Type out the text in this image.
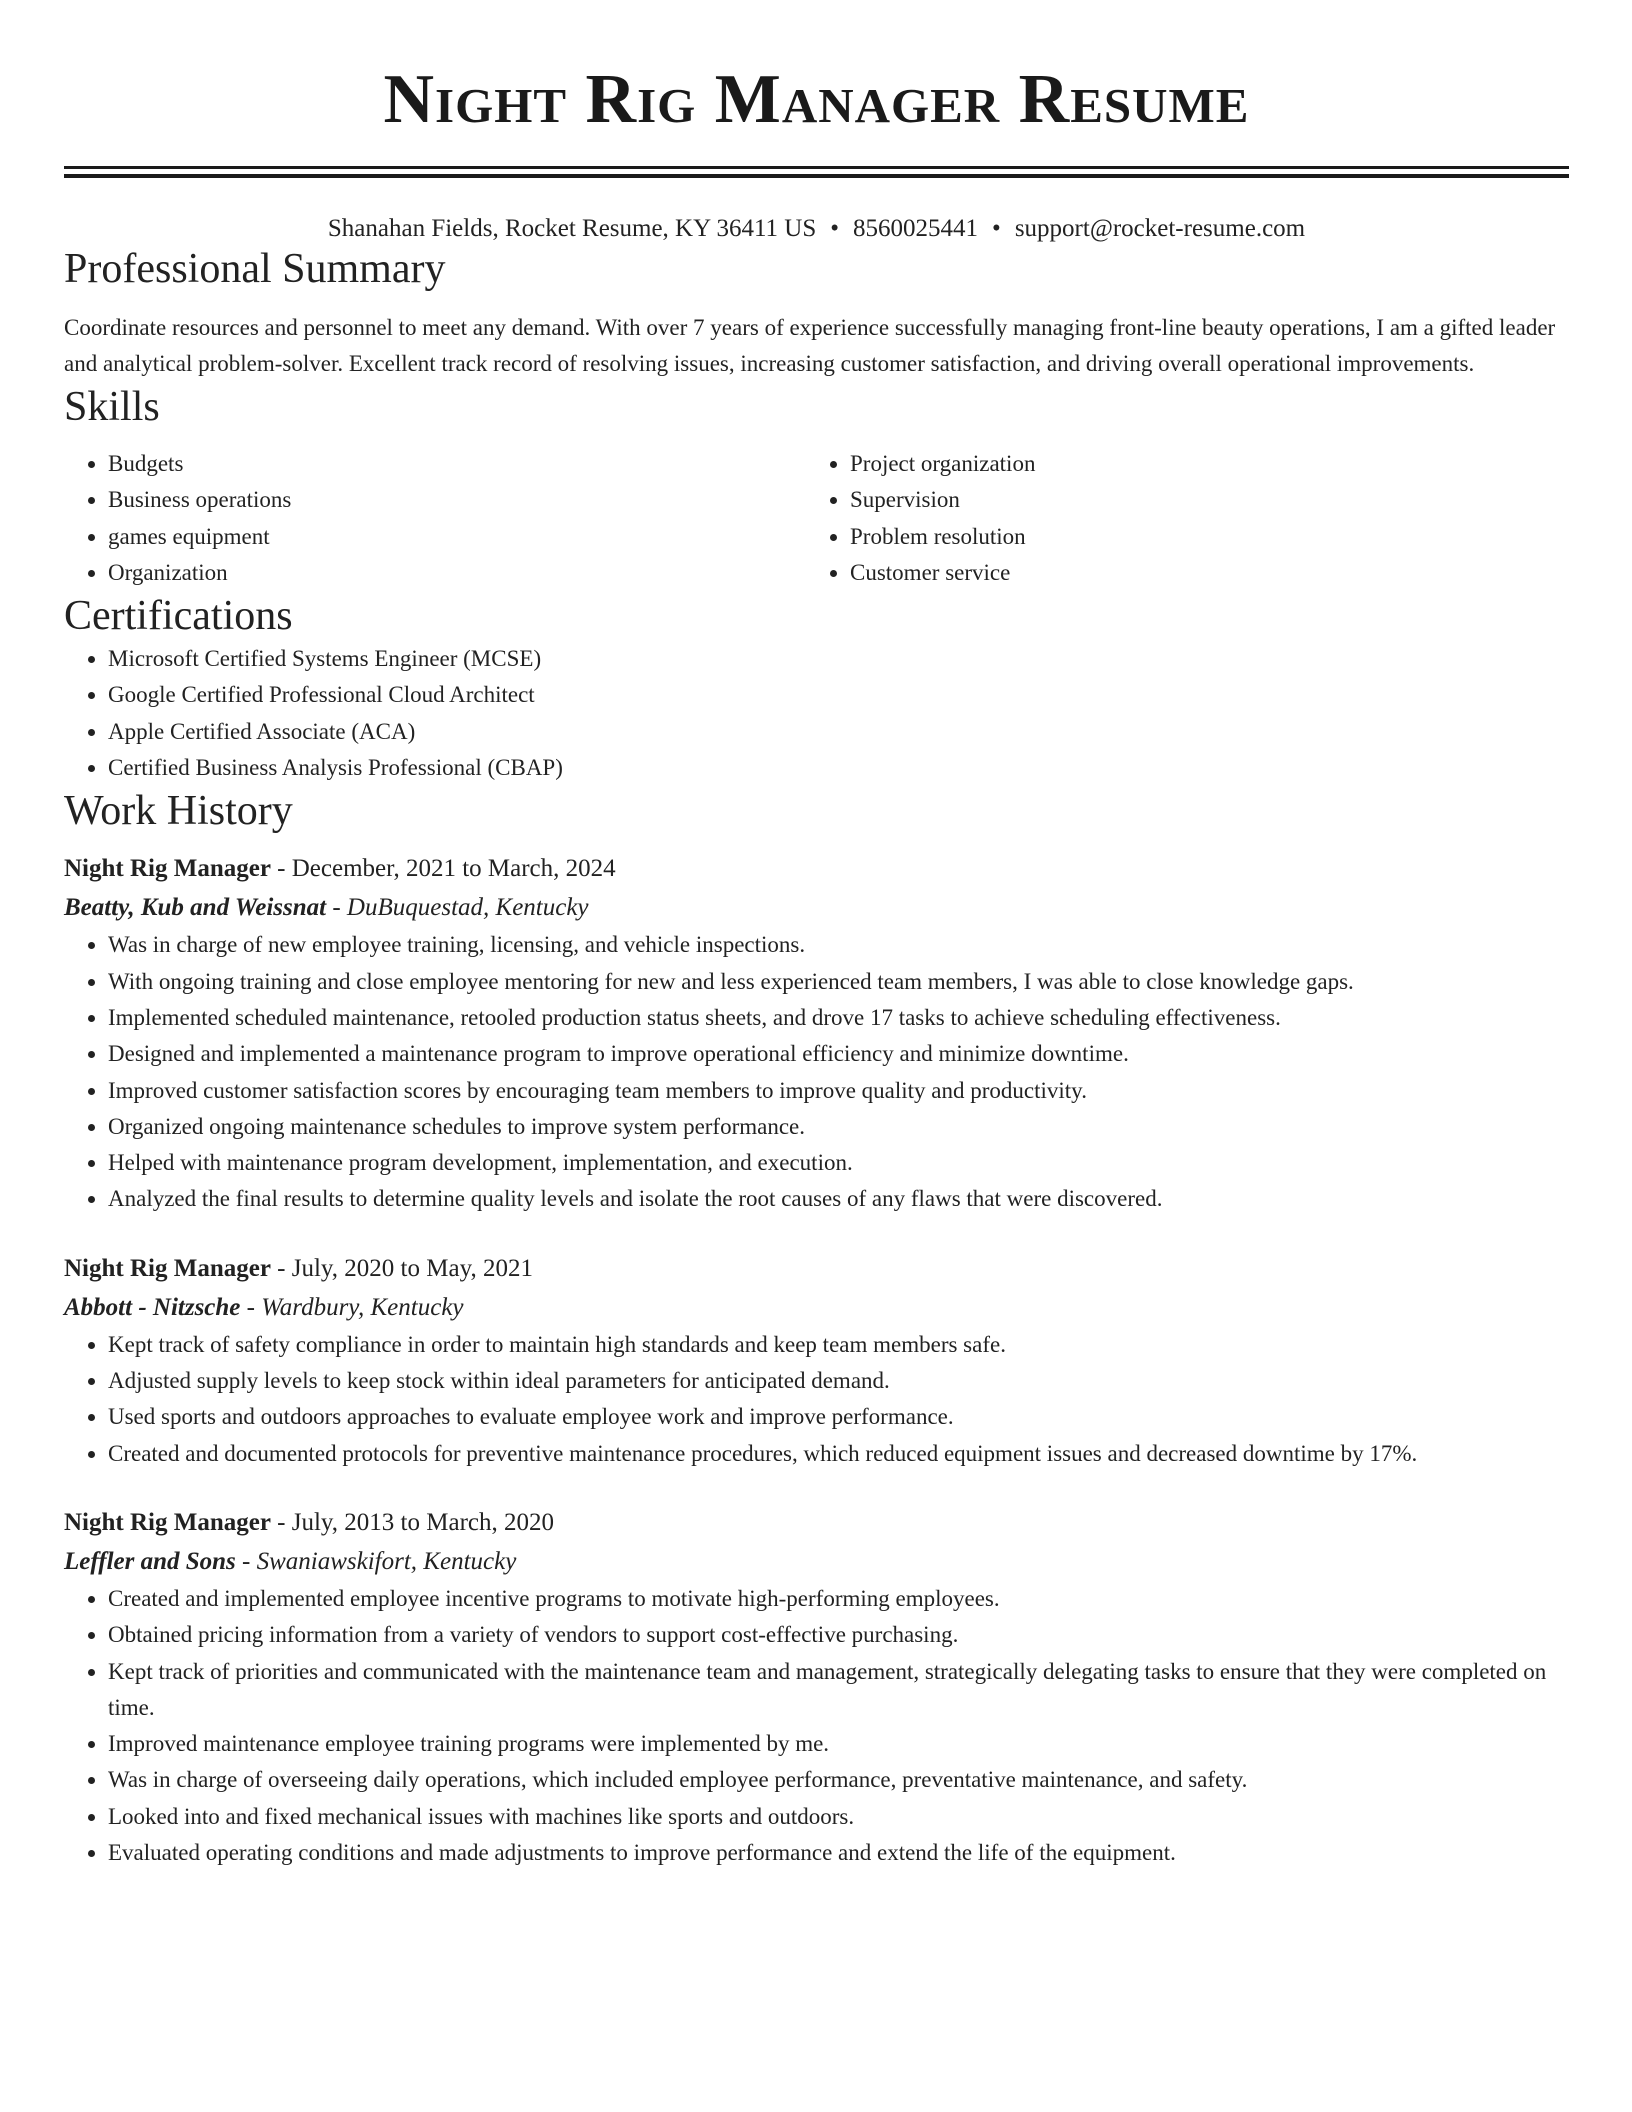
Night Rig Manager Resume
Shanahan Fields, Rocket Resume, KY 36411 US • 8560025441 • support@rocket-resume.com
Professional Summary

Coordinate resources and personnel to meet any demand. With over 7 years of experience successfully managing front-line beauty operations, I am a gifted leader and analytical problem-solver. Excellent track record of resolving issues, increasing customer satisfaction, and driving overall operational improvements.

Skills
• Budgets
• Business operations
• games equipment
• Organization
• Project organization
• Supervision
• Problem resolution
• Customer service
Certifications
• Microsoft Certified Systems Engineer (MCSE)
• Google Certified Professional Cloud Architect
• Apple Certified Associate (ACA)
• Certified Business Analysis Professional (CBAP)
Work History
Night Rig Manager - December, 2021 to March, 2024
Beatty, Kub and Weissnat - DuBuquestad, Kentucky
• Was in charge of new employee training, licensing, and vehicle inspections.
• With ongoing training and close employee mentoring for new and less experienced team members, I was able to close knowledge gaps.
• Implemented scheduled maintenance, retooled production status sheets, and drove 17 tasks to achieve scheduling effectiveness.
• Designed and implemented a maintenance program to improve operational efficiency and minimize downtime.
• Improved customer satisfaction scores by encouraging team members to improve quality and productivity.
• Organized ongoing maintenance schedules to improve system performance.
• Helped with maintenance program development, implementation, and execution.
• Analyzed the final results to determine quality levels and isolate the root causes of any flaws that were discovered.
Night Rig Manager - July, 2020 to May, 2021
Abbott - Nitzsche - Wardbury, Kentucky
• Kept track of safety compliance in order to maintain high standards and keep team members safe.
• Adjusted supply levels to keep stock within ideal parameters for anticipated demand.
• Used sports and outdoors approaches to evaluate employee work and improve performance.
• Created and documented protocols for preventive maintenance procedures, which reduced equipment issues and decreased downtime by 17%.
Night Rig Manager - July, 2013 to March, 2020
Leffler and Sons - Swaniawskifort, Kentucky
• Created and implemented employee incentive programs to motivate high-performing employees.
• Obtained pricing information from a variety of vendors to support cost-effective purchasing.
• Kept track of priorities and communicated with the maintenance team and management, strategically delegating tasks to ensure that they were completed on time.
• Improved maintenance employee training programs were implemented by me.
• Was in charge of overseeing daily operations, which included employee performance, preventative maintenance, and safety.
• Looked into and fixed mechanical issues with machines like sports and outdoors.
• Evaluated operating conditions and made adjustments to improve performance and extend the life of the equipment.
